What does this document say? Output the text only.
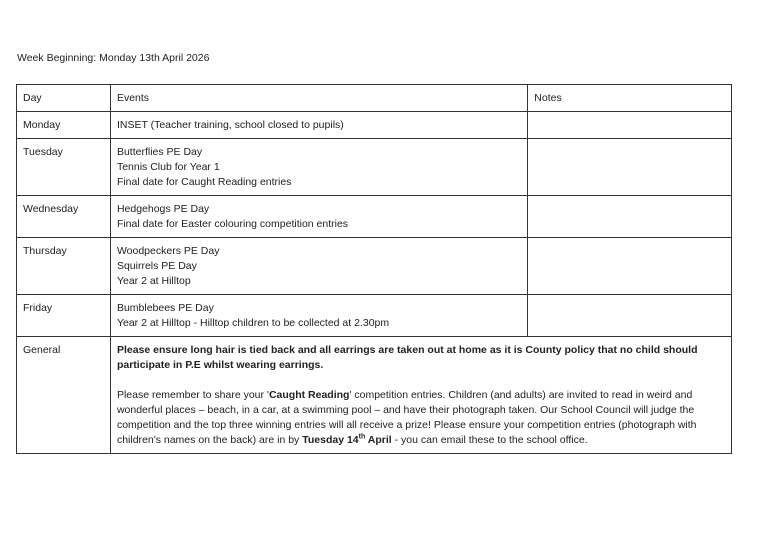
Week Beginning: Monday 13th April 2026
Day	Events	Notes
Monday	INSET (Teacher training, school closed to pupils)	

Tuesday	Butterflies PE Day
Tennis Club for Year 1
Final date for Caught Reading entries	

Wednesday	Hedgehogs PE Day
Final date for Easter colouring competition entries	

Thursday	Woodpeckers PE Day
Squirrels PE Day
Year 2 at Hilltop	

Friday	Bumblebees PE Day
Year 2 at Hilltop - Hilltop children to be collected at 2.30pm	

General	Please ensure long hair is tied back and all earrings are taken out at home as it is County policy that no child should participate in P.E whilst wearing earrings.
Please remember to share your 'Caught Reading' competition entries. Children (and adults) are invited to read in weird and wonderful places – beach, in a car, at a swimming pool – and have their photograph taken. Our School Council will judge the competition and the top three winning entries will all receive a prize! Please ensure your competition entries (photograph with children's names on the back) are in by Tuesday 14th April - you can email these to the school office.	
